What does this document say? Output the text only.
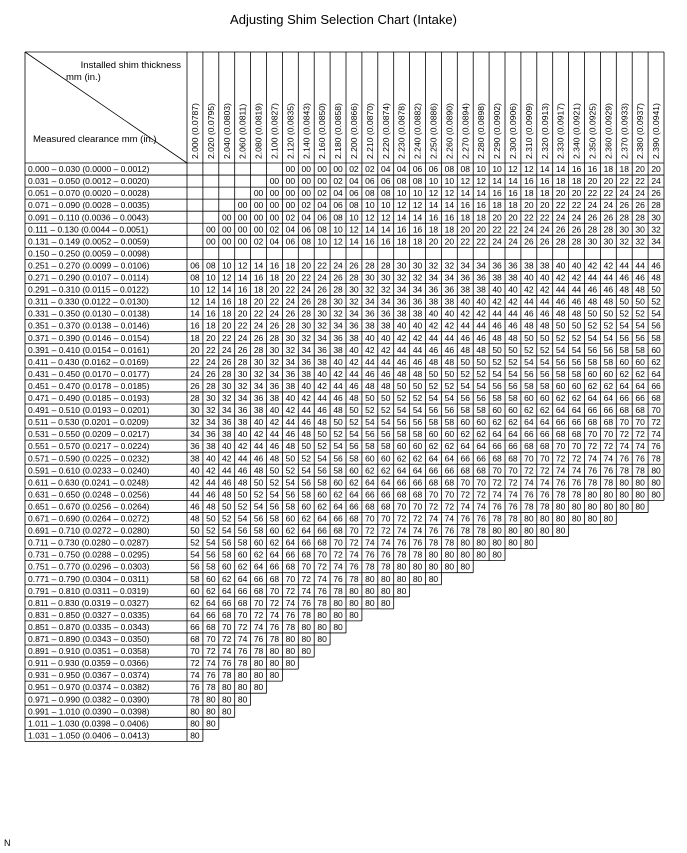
Adjusting Shim Selection Chart (Intake)
Installed shim thickness
mm (in.)
Measured clearance mm (in.)	2.000 (0.0787) 2.020 (0.0795) 2.040 (0.0803) 2.060 (0.0811) 2.080 (0.0819) 2.100 (0.0827) 2.120 (0.0835) 2.140 (0.0843) 2.160 (0.0850) 2.180 (0.0858) 2.200 (0.0866) 2.210 (0.0870) 2.220 (0.0874) 2.230 (0.0878) 2.240 (0.0882) 2.250 (0.0886) 2.260 (0.0890) 2.270 (0.0894) 2.280 (0.0898) 2.290 (0.0902) 2.300 (0.0906) 2.310 (0.0909) 2.320 (0.0913) 2.330 (0.0917) 2.340 (0.0921) 2.350 (0.0925) 2.360 (0.0929) 2.370 (0.0933) 2.380 (0.0937) 2.390 (0.0941)
0.000 – 0.030 (0.0000 – 0.0012)
0.031 – 0.050 (0.0012 – 0.0020)
0.051 – 0.070 (0.0020 – 0.0028)
0.071 – 0.090 (0.0028 – 0.0035)
0.091 – 0.110 (0.0036 – 0.0043)
0.111 – 0.130 (0.0044 – 0.0051)
0.131 – 0.149 (0.0052 – 0.0059)
0.150 – 0.250 (0.0059 – 0.0098)
0.251 – 0.270 (0.0099 – 0.0106)
0.271 – 0.290 (0.0107 – 0.0114)
0.291 – 0.310 (0.0115 – 0.0122)
0.311 – 0.330 (0.0122 – 0.0130)
0.331 – 0.350 (0.0130 – 0.0138)
0.351 – 0.370 (0.0138 – 0.0146)
0.371 – 0.390 (0.0146 – 0.0154)
0.391 – 0.410 (0.0154 – 0.0161)
0.411 – 0.430 (0.0162 – 0.0169)
0.431 – 0.450 (0.0170 – 0.0177)
0.451 – 0.470 (0.0178 – 0.0185)
0.471 – 0.490 (0.0185 – 0.0193)
0.491 – 0.510 (0.0193 – 0.0201)
0.511 – 0.530 (0.0201 – 0.0209)
0.531 – 0.550 (0.0209 – 0.0217)
0.551 – 0.570 (0.0217 – 0.0224)
0.571 – 0.590 (0.0225 – 0.0232)
0.591 – 0.610 (0.0233 – 0.0240)
0.611 – 0.630 (0.0241 – 0.0248)
0.631 – 0.650 (0.0248 – 0.0256)
0.651 – 0.670 (0.0256 – 0.0264)
0.671 – 0.690 (0.0264 – 0.0272)
0.691 – 0.710 (0.0272 – 0.0280)
0.711 – 0.730 (0.0280 – 0.0287)
0.731 – 0.750 (0.0288 – 0.0295)
0.751 – 0.770 (0.0296 – 0.0303)
0.771 – 0.790 (0.0304 – 0.0311)
0.791 – 0.810 (0.0311 – 0.0319)
0.811 – 0.830 (0.0319 – 0.0327)
0.831 – 0.850 (0.0327 – 0.0335)
0.851 – 0.870 (0.0335 – 0.0343)
0.871 – 0.890 (0.0343 – 0.0350)
0.891 – 0.910 (0.0351 – 0.0358)
0.911 – 0.930 (0.0359 – 0.0366)
0.931 – 0.950 (0.0367 – 0.0374)
0.951 – 0.970 (0.0374 – 0.0382)
0.971 – 0.990 (0.0382 – 0.0390)
0.991 – 1.010 (0.0390 – 0.0398)
1.011 – 1.030 (0.0398 – 0.0406)
1.031 – 1.050 (0.0406 – 0.0413)
00 00 00 00 02 02 04 04 06 06 08 08 10 10 12 12 14 14 16 16 18 18 20 20
00 00 00 00 02 04 06 06 08 08 10 10 12 12 14 14 16 16 18 18 20 20 22 22 24
00 00 00 00 02 04 06 08 08 10 10 12 12 14 14 16 16 18 18 20 20 22 22 24 24 26
00 00 00 00 02 04 06 08 10 10 12 12 14 14 16 16 18 18 20 20 22 22 24 24 26 26 28
00 00 00 00 02 04 06 08 10 12 12 14 14 16 16 18 18 20 20 22 22 24 24 26 26 28 28 30
00 00 00 00 02 04 06 08 10 12 14 14 16 16 18 18 20 20 22 22 24 24 26 26 28 28 30 30 32
00 00 00 02 04 06 08 10 12 14 16 16 18 18 20 20 22 22 24 24 26 26 28 28 30 30 32 32 34
06 08 10 12 14 16 18 20 22 24 26 28 28 30 30 32 32 34 34 36 36 38 38 40 40 42 42 44 44 46
08 10 12 14 16 18 20 22 24 26 28 30 30 32 32 34 34 36 36 38 38 40 40 42 42 44 44 46 46 48
10 12 14 16 18 20 22 24 26 28 30 32 32 34 34 36 36 38 38 40 40 42 42 44 44 46 46 48 48 50
12 14 16 18 20 22 24 26 28 30 32 34 34 36 36 38 38 40 40 42 42 44 44 46 46 48 48 50 50 52
14 16 18 20 22 24 26 28 30 32 34 36 36 38 38 40 40 42 42 44 44 46 46 48 48 50 50 52 52 54
16 18 20 22 24 26 28 30 32 34 36 38 38 40 40 42 42 44 44 46 46 48 48 50 50 52 52 54 54 56
18 20 22 24 26 28 30 32 34 36 38 40 40 42 42 44 44 46 46 48 48 50 50 52 52 54 54 56 56 58
20 22 24 26 28 30 32 34 36 38 40 42 42 44 44 46 46 48 48 50 50 52 52 54 54 56 56 58 58 60
22 24 26 28 30 32 34 36 38 40 42 44 44 46 46 48 48 50 50 52 52 54 54 56 56 58 58 60 60 62
24 26 28 30 32 34 36 38 40 42 44 46 46 48 48 50 50 52 52 54 54 56 56 58 58 60 60 62 62 64
26 28 30 32 34 36 38 40 42 44 46 48 48 50 50 52 52 54 54 56 56 58 58 60 60 62 62 64 64 66
28 30 32 34 36 38 40 42 44 46 48 50 50 52 52 54 54 56 56 58 58 60 60 62 62 64 64 66 66 68
30 32 34 36 38 40 42 44 46 48 50 52 52 54 54 56 56 58 58 60 60 62 62 64 64 66 66 68 68 70
32 34 36 38 40 42 44 46 48 50 52 54 54 56 56 58 58 60 60 62 62 64 64 66 66 68 68 70 70 72
34 36 38 40 42 44 46 48 50 52 54 56 56 58 58 60 60 62 62 64 64 66 66 68 68 70 70 72 72 74
36 38 40 42 44 46 48 50 52 54 56 58 58 60 60 62 62 64 64 66 66 68 68 70 70 72 72 74 74 76
38 40 42 44 46 48 50 52 54 56 58 60 60 62 62 64 64 66 66 68 68 70 70 72 72 74 74 76 76 78
40 42 44 46 48 50 52 54 56 58 60 62 62 64 64 66 66 68 68 70 70 72 72 74 74 76 76 78 78 80
42 44 46 48 50 52 54 56 58 60 62 64 64 66 66 68 68 70 70 72 72 74 74 76 76 78 78 80 80 80
44 46 48 50 52 54 56 58 60 62 64 66 66 68 68 70 70 72 72 74 74 76 76 78 78 80 80 80 80 80
46 48 50 52 54 56 58 60 62 64 66 68 68 70 70 72 72 74 74 76 76 78 78 80 80 80 80 80 80
48 50 52 54 56 58 60 62 64 66 68 70 70 72 72 74 74 76 76 78 78 80 80 80 80 80 80
50 52 54 56 58 60 62 64 66 68 70 72 72 74 74 76 76 78 78 80 80 80 80 80
52 54 56 58 60 62 64 66 68 70 72 74 74 76 76 78 78 80 80 80 80 80
54 56 58 60 62 64 66 68 70 72 74 76 76 78 78 80 80 80 80 80
56 58 60 62 64 66 68 70 72 74 76 78 78 80 80 80 80 80
58 60 62 64 66 68 70 72 74 76 78 80 80 80 80 80
60 62 64 66 68 70 72 74 76 78 80 80 80 80
62 64 66 68 70 72 74 76 78 80 80 80 80
64 66 68 70 72 74 76 78 80 80 80
66 68 70 72 74 76 78 80 80 80
68 70 72 74 76 78 80 80 80
70 72 74 76 78 80 80 80
72 74 76 78 80 80 80
74 76 78 80 80 80
76 78 80 80 80
78 80 80 80
80 80 80
80 80
80
N
